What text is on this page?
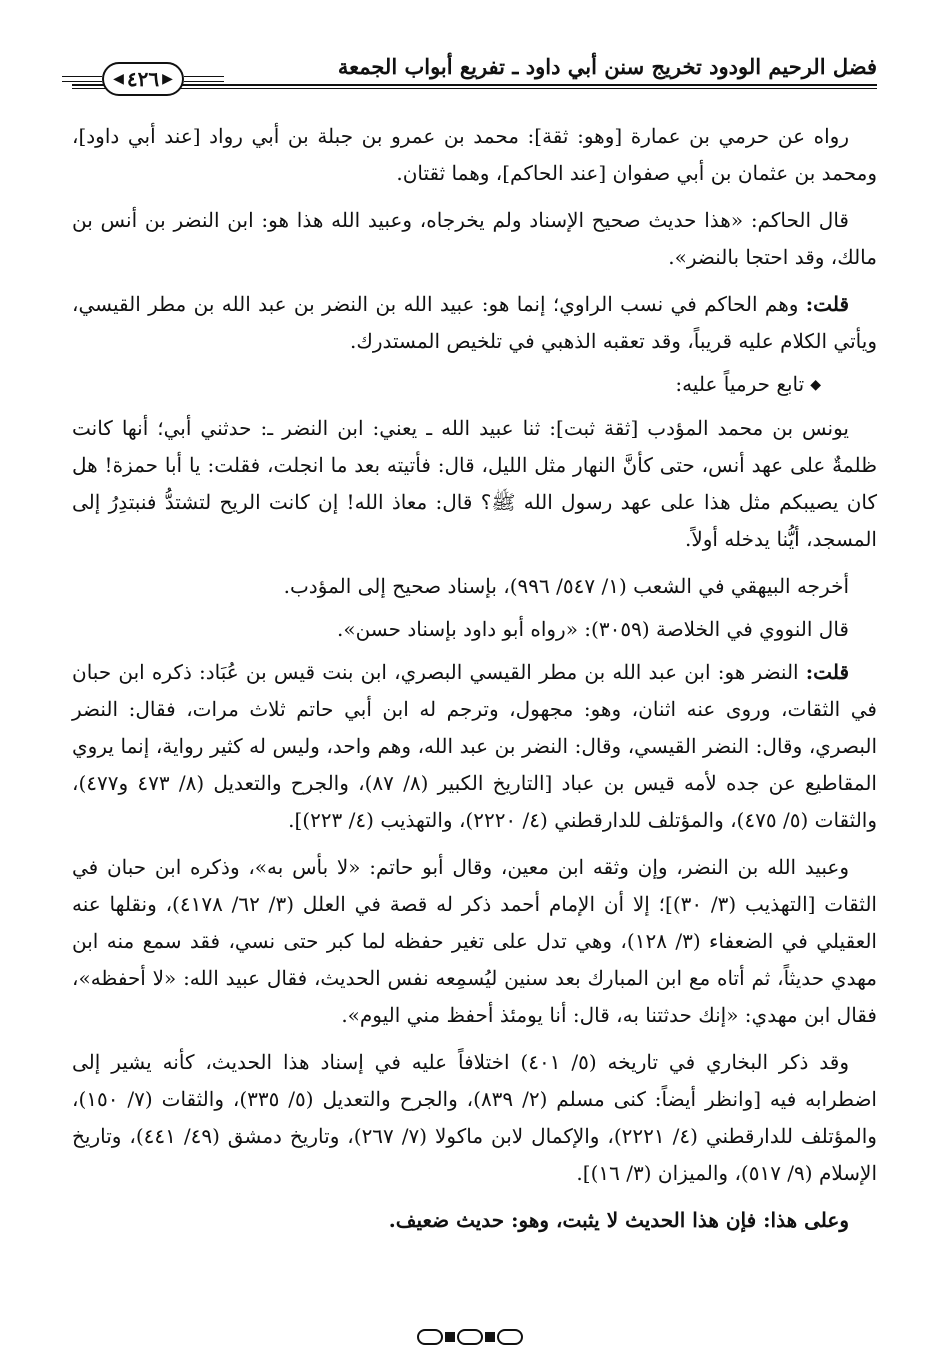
فضل الرحيم الودود تخريج سنن أبي داود ـ تفريع أبواب الجمعة
◀ ٤٢٦ ▶

رواه عن حرمي بن عمارة [وهو: ثقة]: محمد بن عمرو بن جبلة بن أبي رواد [عند أبي داود]، ومحمد بن عثمان بن أبي صفوان [عند الحاكم]، وهما ثقتان.

قال الحاكم: «هذا حديث صحيح الإسناد ولم يخرجاه، وعبيد الله هذا هو: ابن النضر بن أنس بن مالك، وقد احتجا بالنضر».

قلت: وهم الحاكم في نسب الراوي؛ إنما هو: عبيد الله بن النضر بن عبد الله بن مطر القيسي، ويأتي الكلام عليه قريباً، وقد تعقبه الذهبي في تلخيص المستدرك.

◆تابع حرمياً عليه:

يونس بن محمد المؤدب [ثقة ثبت]: ثنا عبيد الله ـ يعني: ابن النضر ـ: حدثني أبي؛ أنها كانت ظلمةٌ على عهد أنس، حتى كأنَّ النهار مثل الليل، قال: فأتيته بعد ما انجلت، فقلت: يا أبا حمزة! هل كان يصيبكم مثل هذا على عهد رسول الله ﷺ؟ قال: معاذ الله! إن كانت الريح لتشتدُّ فنبتدِرُ إلى المسجد، أيُّنا يدخله أولاً.

أخرجه البيهقي في الشعب (١/ ٥٤٧/ ٩٩٦)، بإسناد صحيح إلى المؤدب.

قال النووي في الخلاصة (٣٠٥٩): «رواه أبو داود بإسناد حسن».

قلت: النضر هو: ابن عبد الله بن مطر القيسي البصري، ابن بنت قيس بن عُبَاد: ذكره ابن حبان في الثقات، وروى عنه اثنان، وهو: مجهول، وترجم له ابن أبي حاتم ثلاث مرات، فقال: النضر البصري، وقال: النضر القيسي، وقال: النضر بن عبد الله، وهم واحد، وليس له كثير رواية، إنما يروي المقاطيع عن جده لأمه قيس بن عباد [التاريخ الكبير (٨/ ٨٧)، والجرح والتعديل (٨/ ٤٧٣ و٤٧٧)، والثقات (٥/ ٤٧٥)، والمؤتلف للدارقطني (٤/ ٢٢٢٠)، والتهذيب (٤/ ٢٢٣)].

وعبيد الله بن النضر، وإن وثقه ابن معين، وقال أبو حاتم: «لا بأس به»، وذكره ابن حبان في الثقات [التهذيب (٣/ ٣٠)]؛ إلا أن الإمام أحمد ذكر له قصة في العلل (٣/ ٦٢/ ٤١٧٨)، ونقلها عنه العقيلي في الضعفاء (٣/ ١٢٨)، وهي تدل على تغير حفظه لما كبر حتى نسي، فقد سمع منه ابن مهدي حديثاً، ثم أتاه مع ابن المبارك بعد سنين ليُسمِعه نفس الحديث، فقال عبيد الله: «لا أحفظه»، فقال ابن مهدي: «إنك حدثتنا به، قال: أنا يومئذ أحفظ مني اليوم».

وقد ذكر البخاري في تاريخه (٥/ ٤٠١) اختلافاً عليه في إسناد هذا الحديث، كأنه يشير إلى اضطرابه فيه [وانظر أيضاً: كنى مسلم (٢/ ٨٣٩)، والجرح والتعديل (٥/ ٣٣٥)، والثقات (٧/ ١٥٠)، والمؤتلف للدارقطني (٤/ ٢٢٢١)، والإكمال لابن ماكولا (٧/ ٢٦٧)، وتاريخ دمشق (٤٩/ ٤٤١)، وتاريخ الإسلام (٩/ ٥١٧)، والميزان (٣/ ١٦)].

وعلى هذا: فإن هذا الحديث لا يثبت، وهو: حديث ضعيف.
